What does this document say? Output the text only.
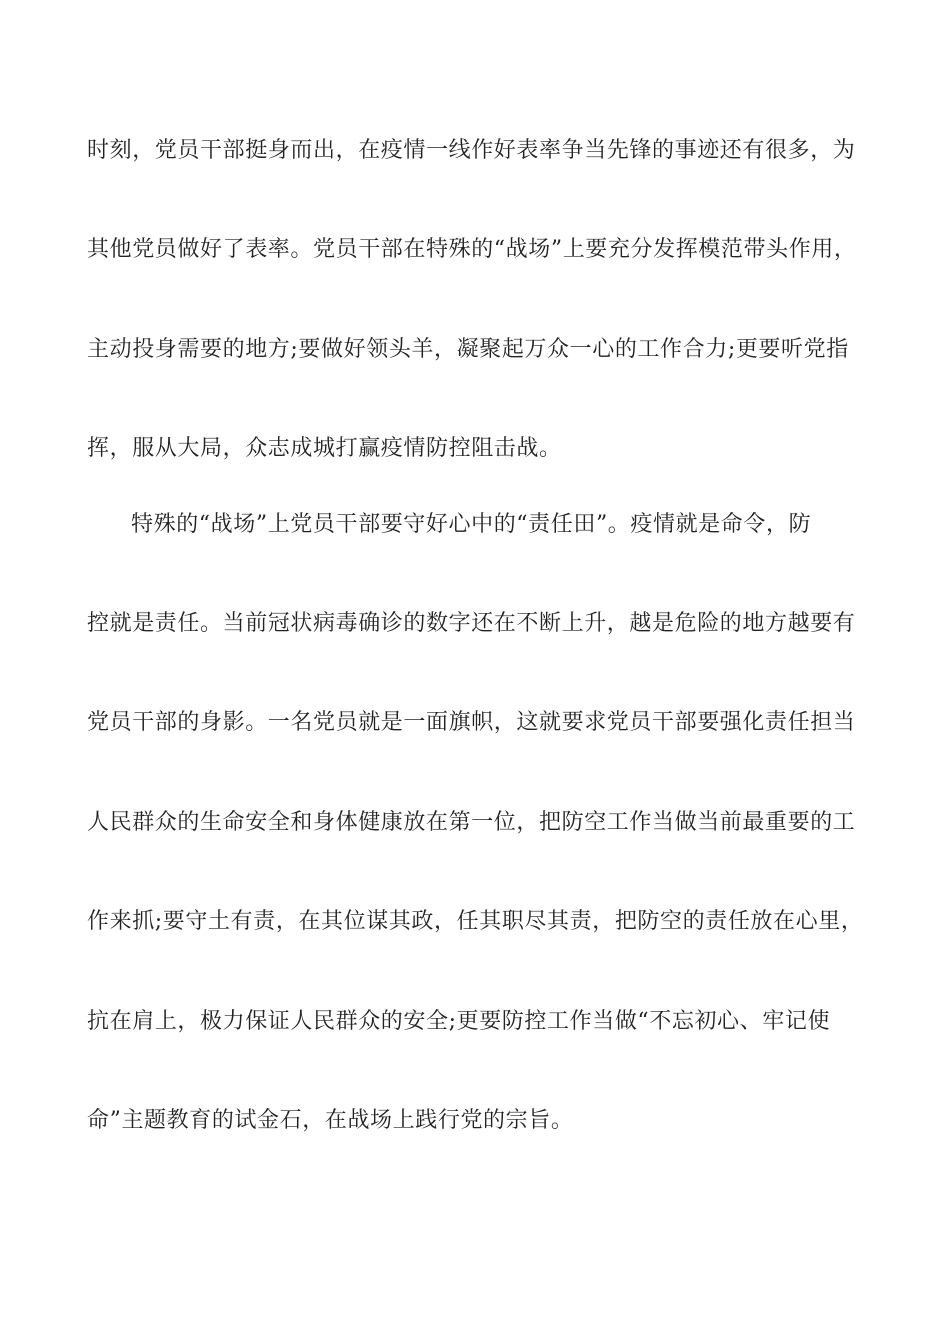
时刻，党员干部挺身而出，在疫情一线作好表率争当先锋的事迹还有很多，为
其他党员做好了表率。党员干部在特殊的“战场”上要充分发挥模范带头作用，
主动投身需要的地方;要做好领头羊，凝聚起万众一心的工作合力;更要听党指
挥，服从大局，众志成城打赢疫情防控阻击战。
特殊的“战场”上党员干部要守好心中的“责任田”。疫情就是命令，防
控就是责任。当前冠状病毒确诊的数字还在不断上升，越是危险的地方越要有
党员干部的身影。一名党员就是一面旗帜，这就要求党员干部要强化责任担当
人民群众的生命安全和身体健康放在第一位，把防空工作当做当前最重要的工
作来抓;要守土有责，在其位谋其政，任其职尽其责，把防空的责任放在心里，
抗在肩上，极力保证人民群众的安全;更要防控工作当做“不忘初心、牢记使
命”主题教育的试金石，在战场上践行党的宗旨。
